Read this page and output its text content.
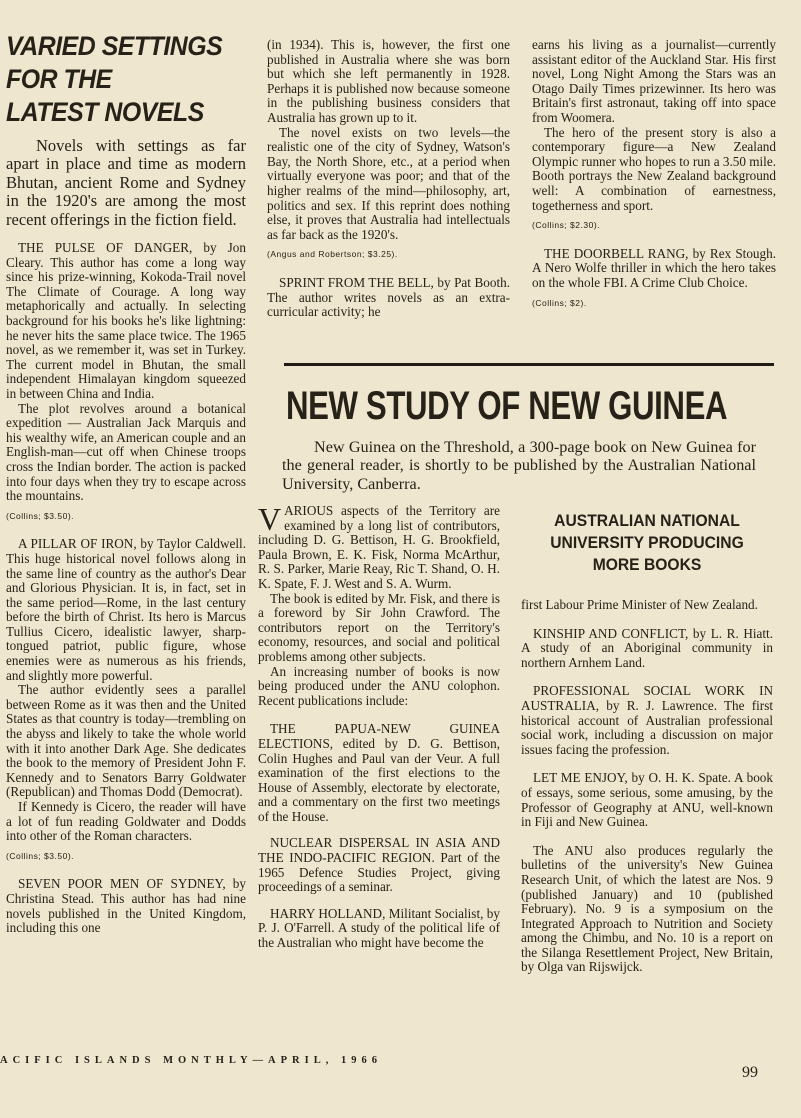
VARIED SETTINGS

FOR THE

LATEST NOVELS

Novels with settings as far apart in place and time as modern Bhutan, ancient Rome and Sydney in the 1920's are among the most recent offerings in the fiction field.

THE PULSE OF DANGER, by Jon Cleary. This author has come a long way since his prize-winning, Kokoda-Trail novel The Climate of Courage. A long way metaphorically and actually. In selecting background for his books he's like lightning: he never hits the same place twice. The 1965 novel, as we remember it, was set in Turkey. The current model in Bhutan, the small independent Himalayan kingdom squeezed in between China and India.

The plot revolves around a botanical expedition — Australian Jack Marquis and his wealthy wife, an American couple and an English-man—cut off when Chinese troops cross the Indian border. The action is packed into four days when they try to escape across the mountains.

(Collins; $3.50).

A PILLAR OF IRON, by Taylor Caldwell. This huge historical novel follows along in the same line of country as the author's Dear and Glorious Physician. It is, in fact, set in the same period—Rome, in the last century before the birth of Christ. Its hero is Marcus Tullius Cicero, idealistic lawyer, sharp-tongued patriot, public figure, whose enemies were as numerous as his friends, and slightly more powerful.

The author evidently sees a parallel between Rome as it was then and the United States as that country is today—trembling on the abyss and likely to take the whole world with it into another Dark Age. She dedicates the book to the memory of President John F. Kennedy and to Senators Barry Goldwater (Republican) and Thomas Dodd (Democrat).

If Kennedy is Cicero, the reader will have a lot of fun reading Goldwater and Dodds into other of the Roman characters.

(Collins; $3.50).

SEVEN POOR MEN OF SYDNEY, by Christina Stead. This author has had nine novels published in the United Kingdom, including this one

(in 1934). This is, however, the first one published in Australia where she was born but which she left permanently in 1928. Perhaps it is published now because someone in the publishing business considers that Australia has grown up to it.

The novel exists on two levels—the realistic one of the city of Sydney, Watson's Bay, the North Shore, etc., at a period when virtually everyone was poor; and that of the higher realms of the mind—philosophy, art, politics and sex. If this reprint does nothing else, it proves that Australia had intellectuals as far back as the 1920's.

(Angus and Robertson; $3.25).

SPRINT FROM THE BELL, by Pat Booth. The author writes novels as an extra-curricular activity; he

earns his living as a journalist—currently assistant editor of the Auckland Star. His first novel, Long Night Among the Stars was an Otago Daily Times prizewinner. Its hero was Britain's first astronaut, taking off into space from Woomera.

The hero of the present story is also a contemporary figure—a New Zealand Olympic runner who hopes to run a 3.50 mile. Booth portrays the New Zealand background well: A combination of earnestness, togetherness and sport.

(Collins; $2.30).

THE DOORBELL RANG, by Rex Stough. A Nero Wolfe thriller in which the hero takes on the whole FBI. A Crime Club Choice.

(Collins; $2).

NEW STUDY OF NEW GUINEA

New Guinea on the Threshold, a 300-page book on New Guinea for the general reader, is shortly to be published by the Australian National University, Canberra.

VARIOUS aspects of the Territory are examined by a long list of contributors, including D. G. Bettison, H. G. Brookfield, Paula Brown, E. K. Fisk, Norma McArthur, R. S. Parker, Marie Reay, Ric T. Shand, O. H. K. Spate, F. J. West and S. A. Wurm.

The book is edited by Mr. Fisk, and there is a foreword by Sir John Crawford. The contributors report on the Territory's economy, resources, and social and political problems among other subjects.

An increasing number of books is now being produced under the ANU colophon. Recent publications include:

THE PAPUA-NEW GUINEA ELECTIONS, edited by D. G. Bettison, Colin Hughes and Paul van der Veur. A full examination of the first elections to the House of Assembly, electorate by electorate, and a commentary on the first two meetings of the House.

NUCLEAR DISPERSAL IN ASIA AND THE INDO-PACIFIC REGION. Part of the 1965 Defence Studies Project, giving proceedings of a seminar.

HARRY HOLLAND, Militant Socialist, by P. J. O'Farrell. A study of the political life of the Australian who might have become the

AUSTRALIAN NATIONAL

UNIVERSITY PRODUCING

MORE BOOKS

first Labour Prime Minister of New Zealand.

KINSHIP AND CONFLICT, by L. R. Hiatt. A study of an Aboriginal community in northern Arnhem Land.

PROFESSIONAL SOCIAL WORK IN AUSTRALIA, by R. J. Lawrence. The first historical account of Australian professional social work, including a discussion on major issues facing the profession.

LET ME ENJOY, by O. H. K. Spate. A book of essays, some serious, some amusing, by the Professor of Geography at ANU, well-known in Fiji and New Guinea.

The ANU also produces regularly the bulletins of the university's New Guinea Research Unit, of which the latest are Nos. 9 (published January) and 10 (published February). No. 9 is a symposium on the Integrated Approach to Nutrition and Society among the Chimbu, and No. 10 is a report on the Silanga Resettlement Project, New Britain, by Olga van Rijswijck.

ACIFIC ISLANDS MONTHLY—APRIL, 1966
99
